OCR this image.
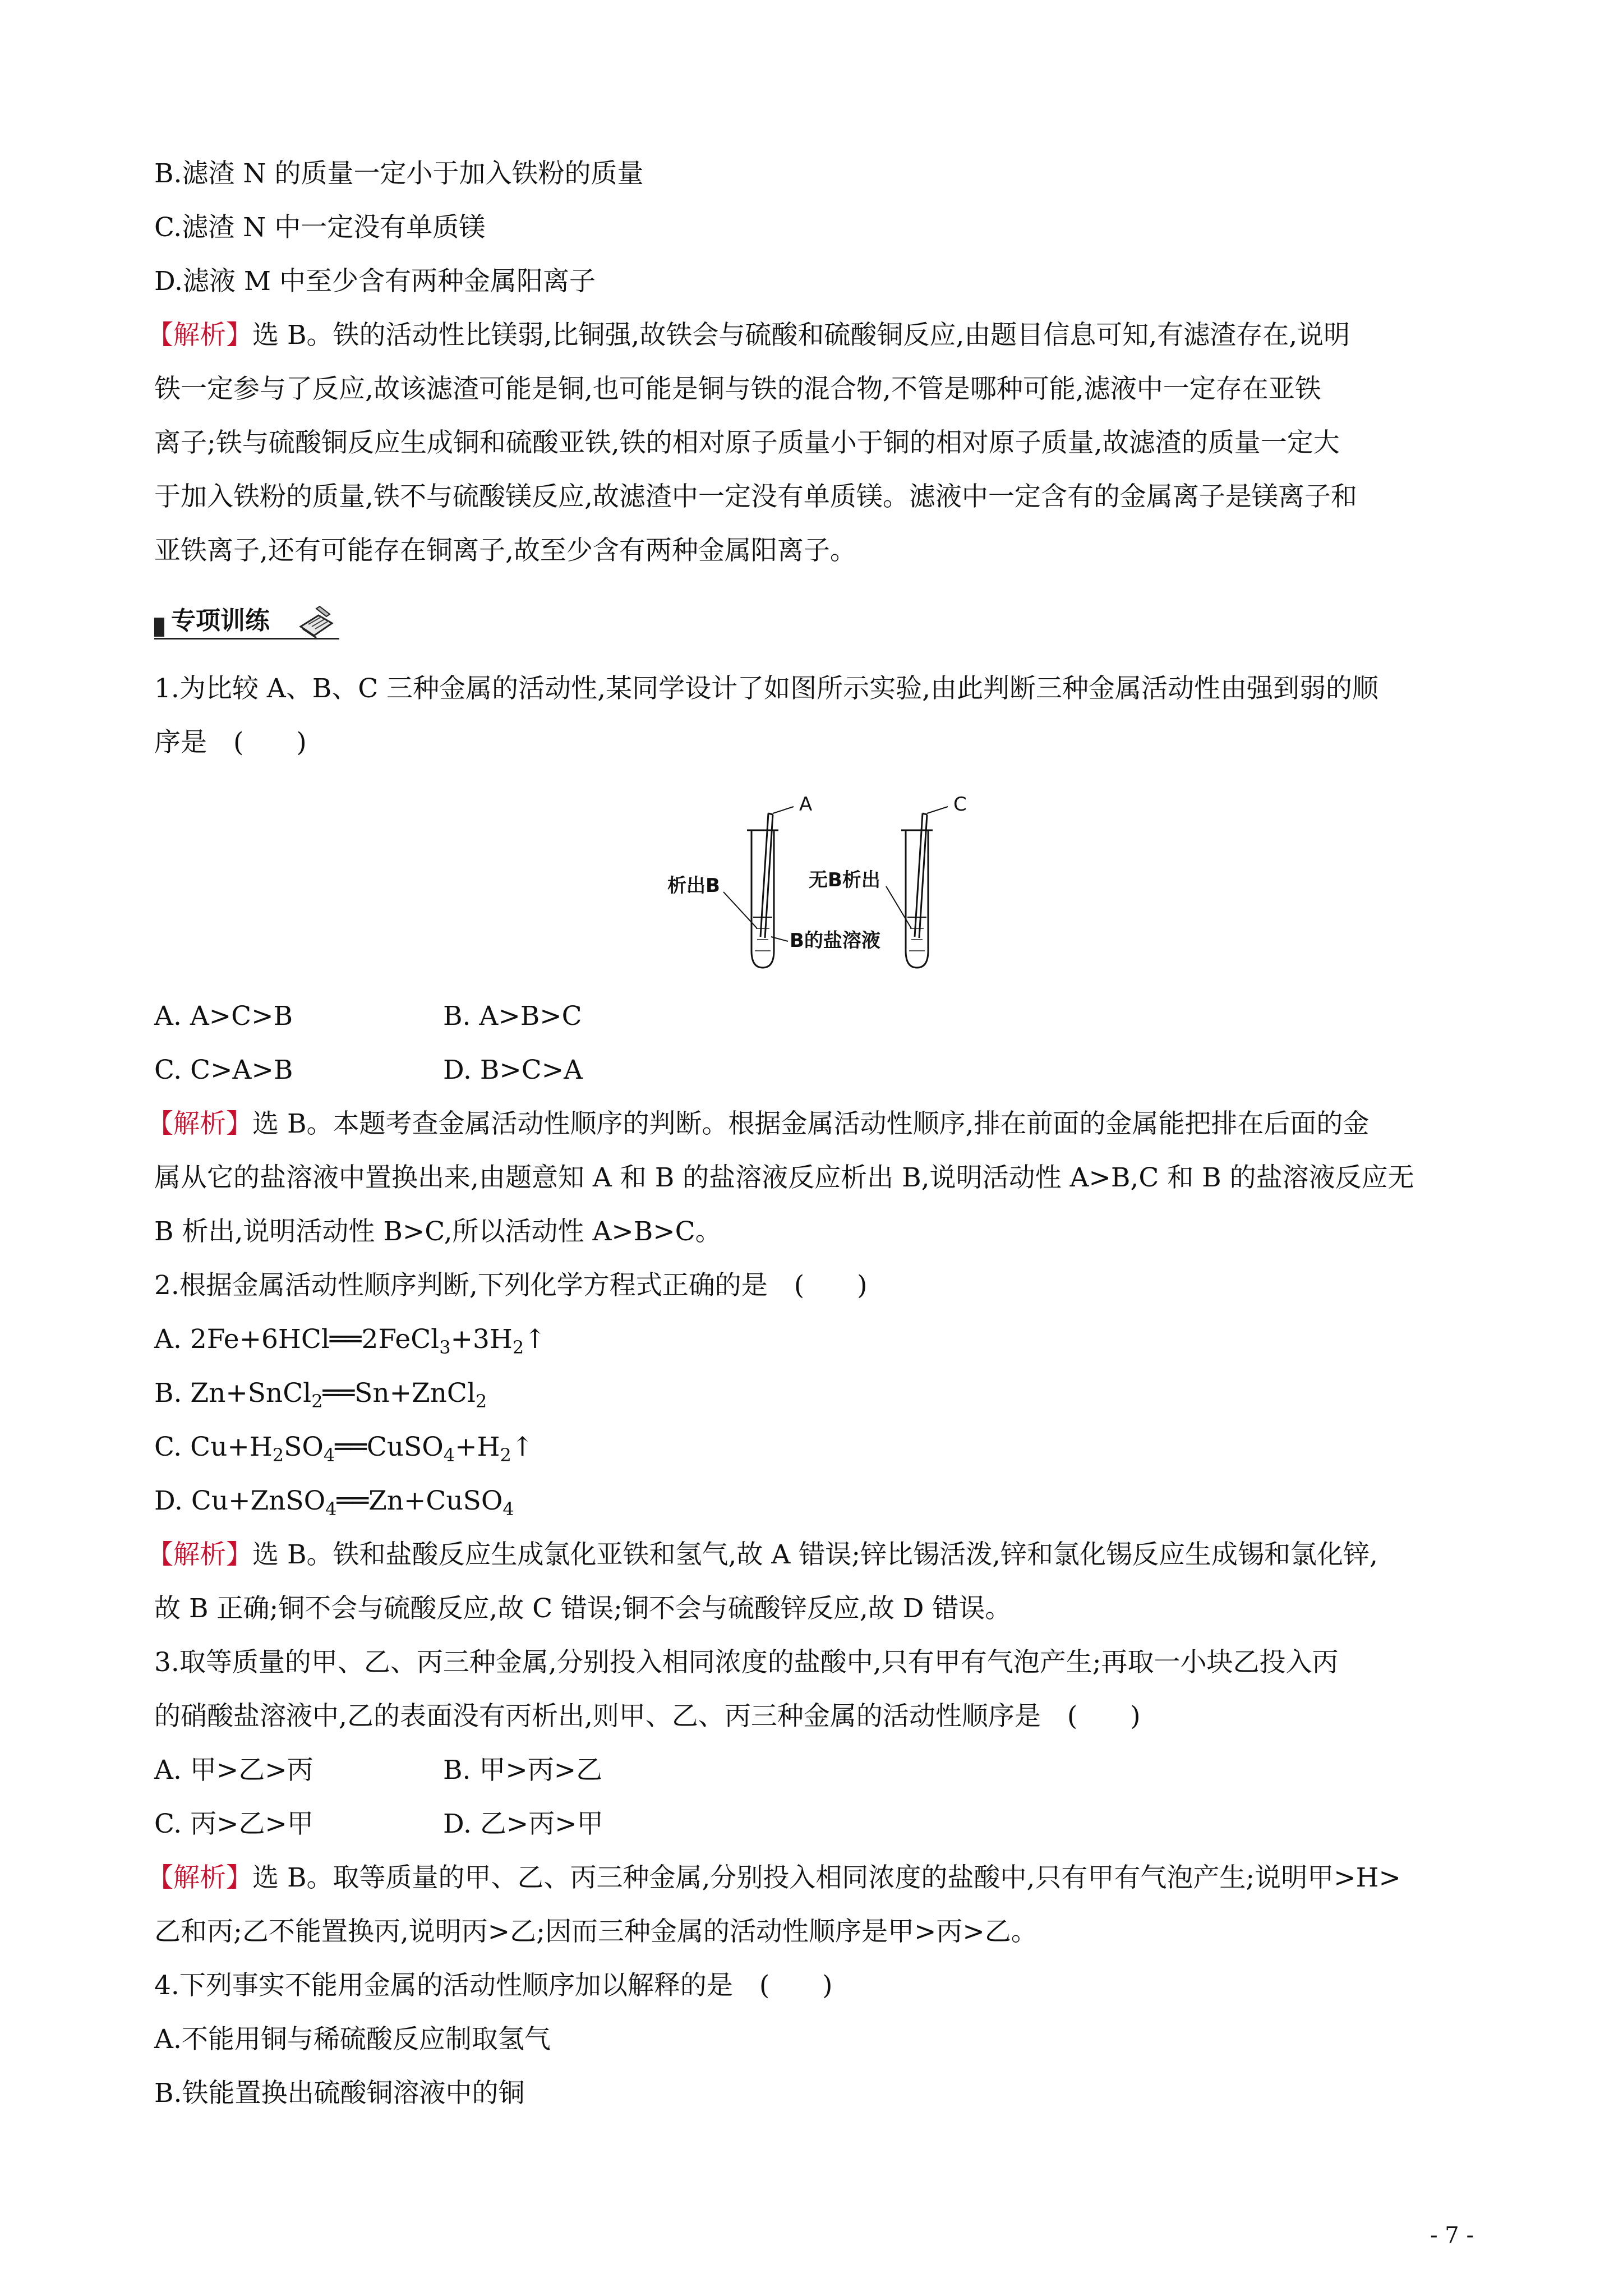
B.滤渣 N 的质量一定小于加入铁粉的质量

C.滤渣 N 中一定没有单质镁

D.滤液 M 中至少含有两种金属阳离子

【解析】选 B。铁的活动性比镁弱,比铜强,故铁会与硫酸和硫酸铜反应,由题目信息可知,有滤渣存在,说明

铁一定参与了反应,故该滤渣可能是铜,也可能是铜与铁的混合物,不管是哪种可能,滤液中一定存在亚铁

离子;铁与硫酸铜反应生成铜和硫酸亚铁,铁的相对原子质量小于铜的相对原子质量,故滤渣的质量一定大

于加入铁粉的质量,铁不与硫酸镁反应,故滤渣中一定没有单质镁。滤液中一定含有的金属离子是镁离子和

亚铁离子,还有可能存在铜离子,故至少含有两种金属阳离子。

专项训练

1.为比较 A、B、C 三种金属的活动性,某同学设计了如图所示实验,由此判断三种金属活动性由强到弱的顺

序是　(　　)

A	C
析出B	无B析出
B的盐溶液

A. A>C>B	B. A>B>C

C. C>A>B	D. B>C>A

【解析】选 B。本题考查金属活动性顺序的判断。根据金属活动性顺序,排在前面的金属能把排在后面的金

属从它的盐溶液中置换出来,由题意知 A 和 B 的盐溶液反应析出 B,说明活动性 A>B,C 和 B 的盐溶液反应无

B 析出,说明活动性 B>C,所以活动性 A>B>C。

2.根据金属活动性顺序判断,下列化学方程式正确的是　(　　)

A. $2Fe+6HCl══2FeCl_3+3H_2↑$

B. Zn+SnCl$_2$══Sn+ZnCl$_2$

C. $Cu+H_2SO_4══CuSO_4+H_2↑$

D. Cu+ZnSO$_4$══Zn+CuSO$_4$

【解析】选 B。铁和盐酸反应生成氯化亚铁和氢气,故 A 错误;锌比锡活泼,锌和氯化锡反应生成锡和氯化锌,

故 B 正确;铜不会与硫酸反应,故 C 错误;铜不会与硫酸锌反应,故 D 错误。

3.取等质量的甲、乙、丙三种金属,分别投入相同浓度的盐酸中,只有甲有气泡产生;再取一小块乙投入丙

的硝酸盐溶液中,乙的表面没有丙析出,则甲、乙、丙三种金属的活动性顺序是　(　　)

A. 甲>乙>丙	B. 甲>丙>乙

C. 丙>乙>甲	D. 乙>丙>甲

【解析】选 B。取等质量的甲、乙、丙三种金属,分别投入相同浓度的盐酸中,只有甲有气泡产生;说明甲>H>

乙和丙;乙不能置换丙,说明丙>乙;因而三种金属的活动性顺序是甲>丙>乙。

4.下列事实不能用金属的活动性顺序加以解释的是　(　　)

A.不能用铜与稀硫酸反应制取氢气

B.铁能置换出硫酸铜溶液中的铜

- 7 -
